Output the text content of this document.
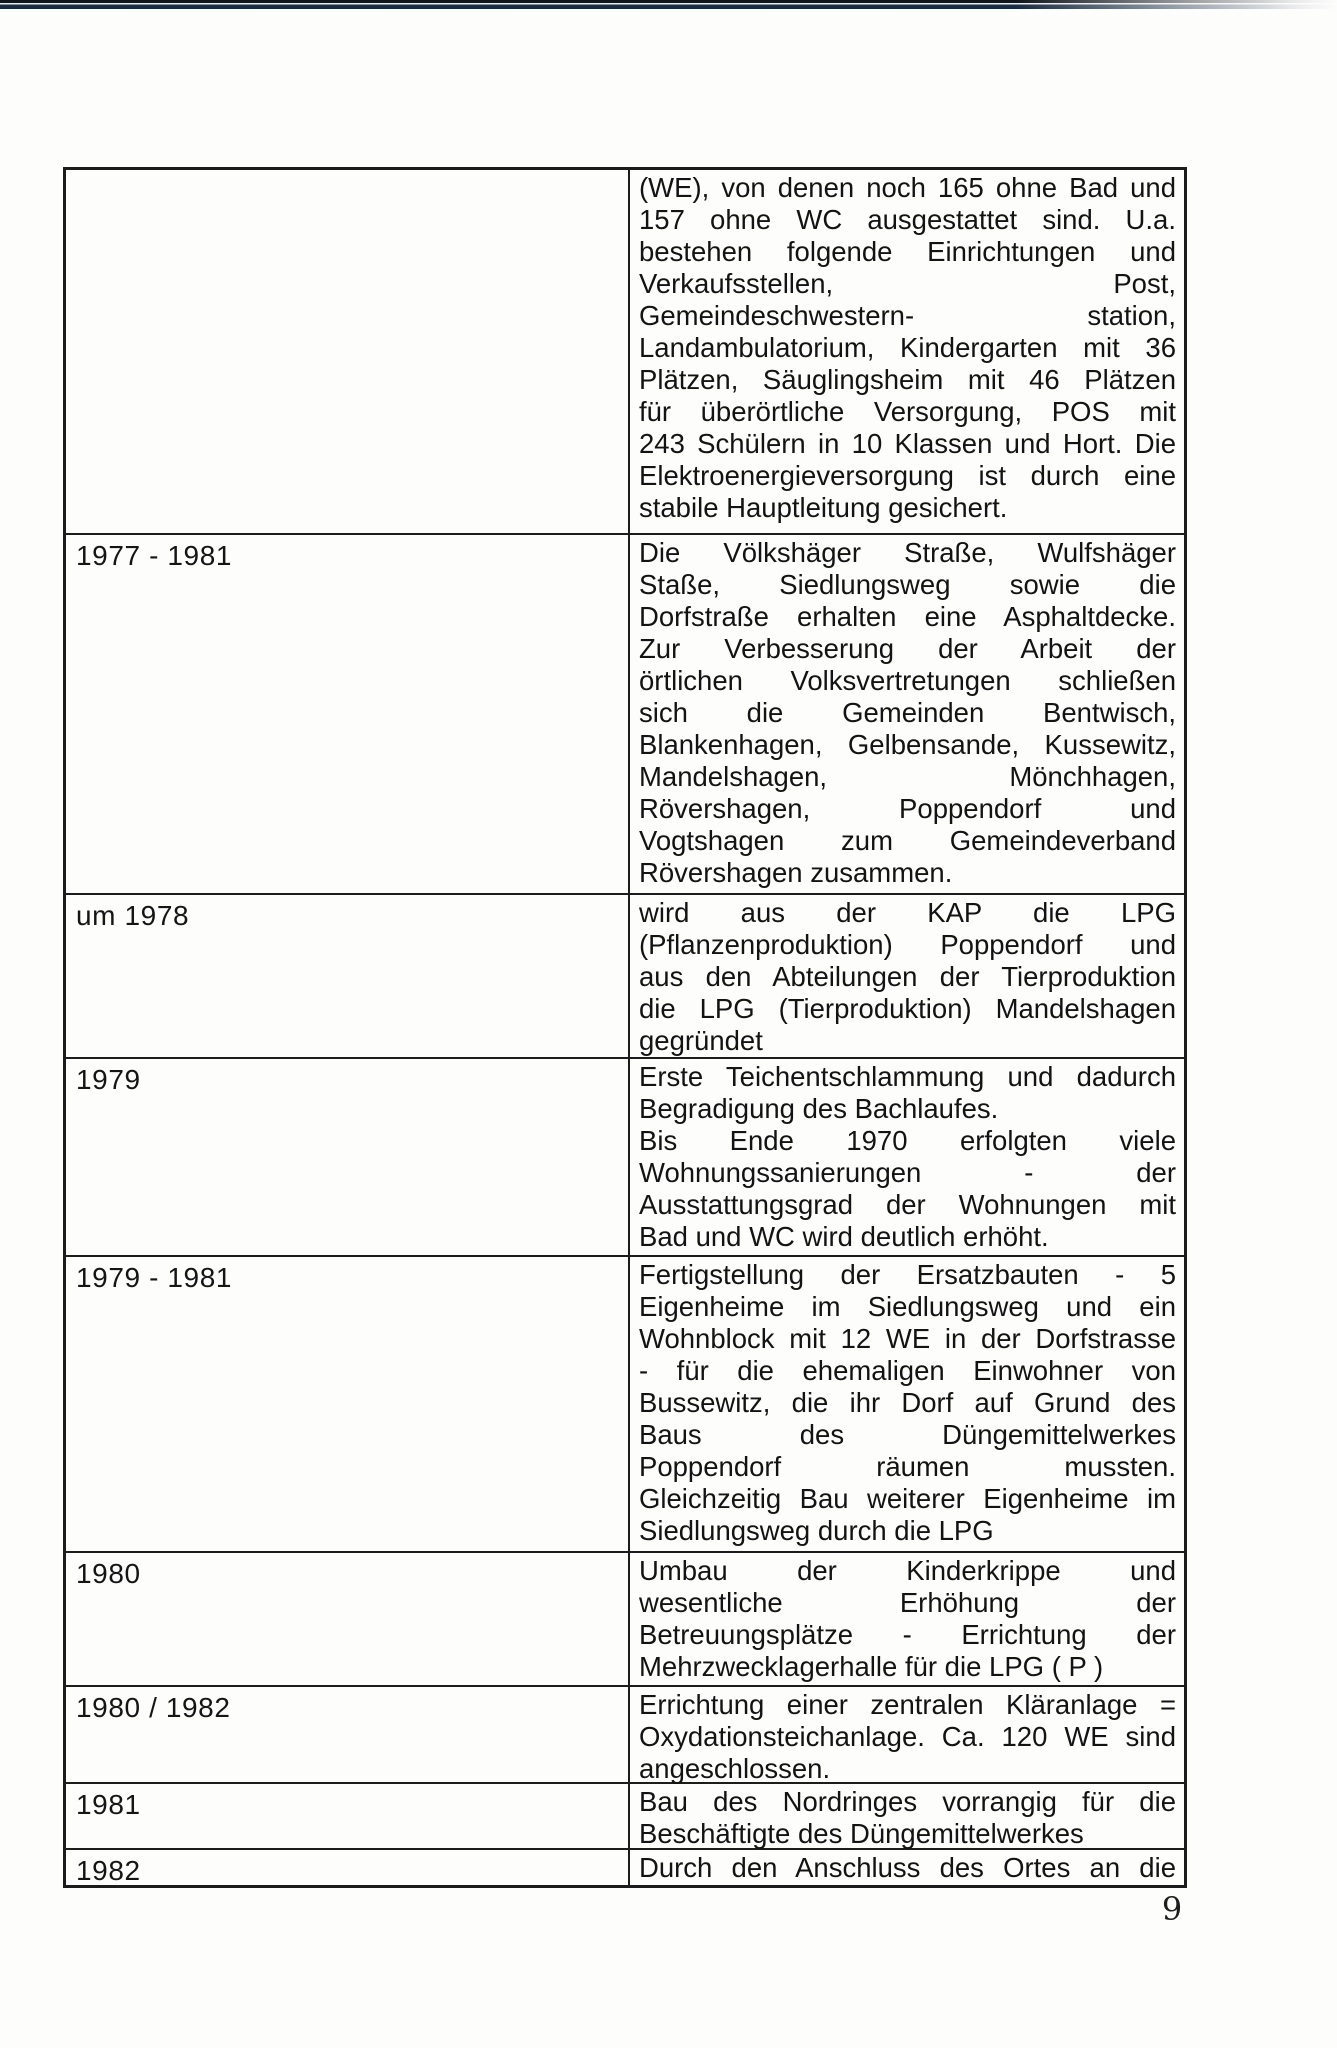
(WE), von denen noch 165 ohne Bad und
157 ohne WC ausgestattet sind. U.a.
bestehen folgende Einrichtungen und
Verkaufsstellen, Post,
Gemeindeschwestern- station,
Landambulatorium, Kindergarten mit 36
Plätzen, Säuglingsheim mit 46 Plätzen
für überörtliche Versorgung, POS mit
243 Schülern in 10 Klassen und Hort. Die
Elektroenergieversorgung ist durch eine
stabile Hauptleitung gesichert.
1977 - 1981	Die Völkshäger Straße, Wulfshäger
Staße, Siedlungsweg sowie die
Dorfstraße erhalten eine Asphaltdecke.
Zur Verbesserung der Arbeit der
örtlichen Volksvertretungen schließen
sich die Gemeinden Bentwisch,
Blankenhagen, Gelbensande, Kussewitz,
Mandelshagen, Mönchhagen,
Rövershagen, Poppendorf und
Vogtshagen zum Gemeindeverband
Rövershagen zusammen.
um 1978	wird aus der KAP die LPG
(Pflanzenproduktion) Poppendorf und
aus den Abteilungen der Tierproduktion
die LPG (Tierproduktion) Mandelshagen
gegründet
1979	Erste Teichentschlammung und dadurch
Begradigung des Bachlaufes.
Bis Ende 1970 erfolgten viele
Wohnungssanierungen - der
Ausstattungsgrad der Wohnungen mit
Bad und WC wird deutlich erhöht.
1979 - 1981	Fertigstellung der Ersatzbauten - 5
Eigenheime im Siedlungsweg und ein
Wohnblock mit 12 WE in der Dorfstrasse
- für die ehemaligen Einwohner von
Bussewitz, die ihr Dorf auf Grund des
Baus des Düngemittelwerkes
Poppendorf räumen mussten.
Gleichzeitig Bau weiterer Eigenheime im
Siedlungsweg durch die LPG
1980	Umbau der Kinderkrippe und
wesentliche Erhöhung der
Betreuungsplätze - Errichtung der
Mehrzwecklagerhalle für die LPG ( P )
1980 / 1982	Errichtung einer zentralen Kläranlage =
Oxydationsteichanlage. Ca. 120 WE sind
angeschlossen.
1981	Bau des Nordringes vorrangig für die
Beschäftigte des Düngemittelwerkes
1982	Durch den Anschluss des Ortes an die
9
